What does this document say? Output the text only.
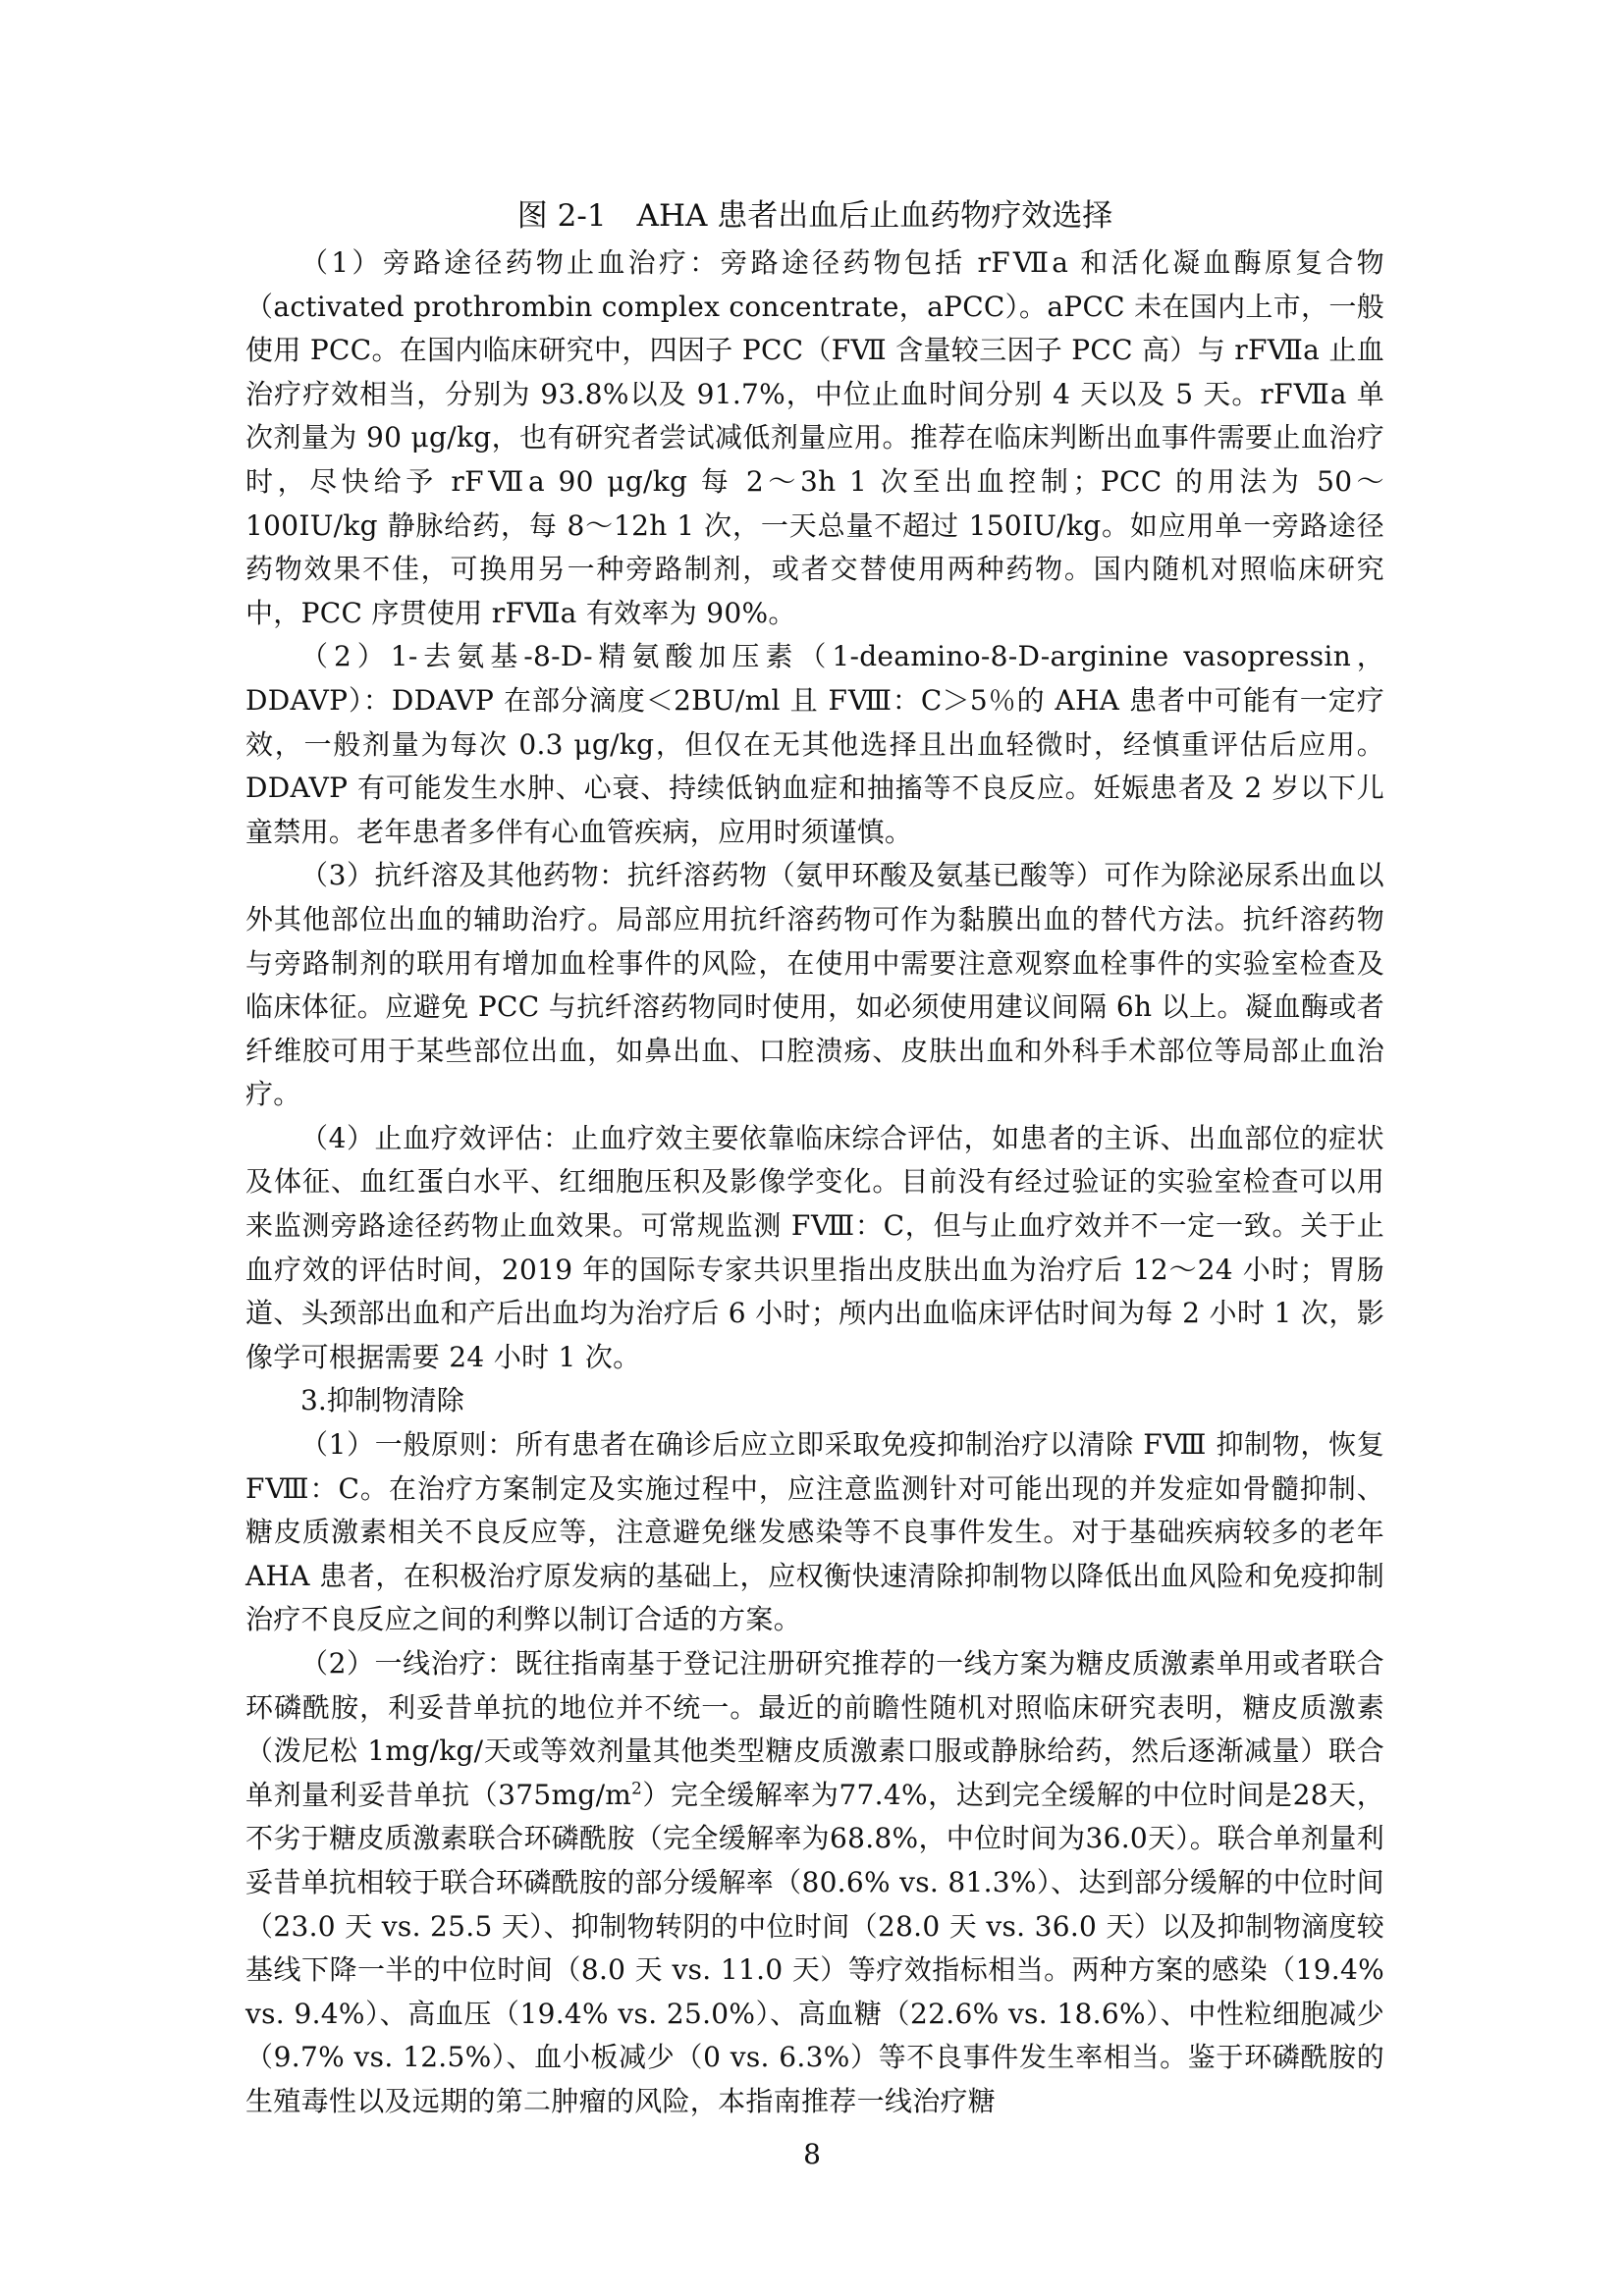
图 2-1　AHA 患者出血后止血药物疗效选择

（1）旁路途径药物止血治疗：旁路途径药物包括 rFⅦa 和活化凝血酶原复合物（activated prothrombin complex concentrate，aPCC）。aPCC 未在国内上市，一般使用 PCC。在国内临床研究中，四因子 PCC（FⅦ 含量较三因子 PCC 高）与 rFⅦa 止血治疗疗效相当，分别为 93.8%以及 91.7%，中位止血时间分别 4 天以及 5 天。rFⅦa 单次剂量为 90 μg/kg，也有研究者尝试减低剂量应用。推荐在临床判断出血事件需要止血治疗时，尽快给予 rFⅦa 90 μg/kg 每 2～3h 1 次至出血控制；PCC 的用法为 50～100IU/kg 静脉给药，每 8～12h 1 次，一天总量不超过 150IU/kg。如应用单一旁路途径药物效果不佳，可换用另一种旁路制剂，或者交替使用两种药物。国内随机对照临床研究中，PCC 序贯使用 rFⅦa 有效率为 90%。

（2）1-去氨基-8-D-精氨酸加压素（1-deamino-8-D-arginine vasopressin，DDAVP）：DDAVP 在部分滴度＜2BU/ml 且 FⅧ：C＞5％的 AHA 患者中可能有一定疗效，一般剂量为每次 0.3 μg/kg，但仅在无其他选择且出血轻微时，经慎重评估后应用。DDAVP 有可能发生水肿、心衰、持续低钠血症和抽搐等不良反应。妊娠患者及 2 岁以下儿童禁用。老年患者多伴有心血管疾病，应用时须谨慎。

（3）抗纤溶及其他药物：抗纤溶药物（氨甲环酸及氨基已酸等）可作为除泌尿系出血以外其他部位出血的辅助治疗。局部应用抗纤溶药物可作为黏膜出血的替代方法。抗纤溶药物与旁路制剂的联用有增加血栓事件的风险，在使用中需要注意观察血栓事件的实验室检查及临床体征。应避免 PCC 与抗纤溶药物同时使用，如必须使用建议间隔 6h 以上。凝血酶或者纤维胶可用于某些部位出血，如鼻出血、口腔溃疡、皮肤出血和外科手术部位等局部止血治疗。

（4）止血疗效评估：止血疗效主要依靠临床综合评估，如患者的主诉、出血部位的症状及体征、血红蛋白水平、红细胞压积及影像学变化。目前没有经过验证的实验室检查可以用来监测旁路途径药物止血效果。可常规监测 FⅧ：C，但与止血疗效并不一定一致。关于止血疗效的评估时间，2019 年的国际专家共识里指出皮肤出血为治疗后 12～24 小时；胃肠道、头颈部出血和产后出血均为治疗后 6 小时；颅内出血临床评估时间为每 2 小时 1 次，影像学可根据需要 24 小时 1 次。

3.抑制物清除

（1）一般原则：所有患者在确诊后应立即采取免疫抑制治疗以清除 FⅧ 抑制物，恢复 FⅧ：C。在治疗方案制定及实施过程中，应注意监测针对可能出现的并发症如骨髓抑制、糖皮质激素相关不良反应等，注意避免继发感染等不良事件发生。对于基础疾病较多的老年 AHA 患者，在积极治疗原发病的基础上，应权衡快速清除抑制物以降低出血风险和免疫抑制治疗不良反应之间的利弊以制订合适的方案。

（2）一线治疗：既往指南基于登记注册研究推荐的一线方案为糖皮质激素单用或者联合环磷酰胺，利妥昔单抗的地位并不统一。最近的前瞻性随机对照临床研究表明，糖皮质激素（泼尼松 1mg/kg/天或等效剂量其他类型糖皮质激素口服或静脉给药，然后逐渐减量）联合单剂量利妥昔单抗$(375mg/m^2)$完全缓解率为77.4%，达到完全缓解的中位时间是28天，不劣于糖皮质激素联合环磷酰胺（完全缓解率为68.8%，中位时间为36.0天）。联合单剂量利妥昔单抗相较于联合环磷酰胺的部分缓解率（80.6% vs. 81.3%）、达到部分缓解的中位时间（23.0 天 vs. 25.5 天）、抑制物转阴的中位时间（28.0 天 vs. 36.0 天）以及抑制物滴度较基线下降一半的中位时间（8.0 天 vs. 11.0 天）等疗效指标相当。两种方案的感染（19.4% vs. 9.4%）、高血压（19.4% vs. 25.0%）、高血糖（22.6% vs. 18.6%）、中性粒细胞减少（9.7% vs. 12.5%）、血小板减少（0 vs. 6.3%）等不良事件发生率相当。鉴于环磷酰胺的生殖毒性以及远期的第二肿瘤的风险，本指南推荐一线治疗糖

8
